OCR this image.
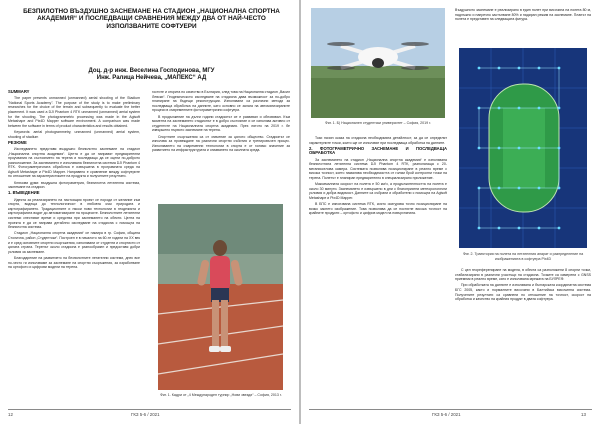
БЕЗПИЛОТНО ВЪЗДУШНО ЗАСНЕМАНЕ НА СТАДИОН „НАЦИОНАЛНА СПОРТНА АКАДЕМИЯ“ И ПОСЛЕДВАЩИ СРАВНЕНИЯ МЕЖДУ ДВА ОТ НАЙ-ЧЕСТО ИЗПОЛЗВАНИТЕ СОФТУЕРИ
Доц. д-р инж. Веселина Господинова, МГУ
Инж. Ралица Нейчева, „МАПЕКС“ АД

SUMMARY

The paper presents unmanned (unmanned) aerial shooting of the Stadium "National Sports Academy". The purpose of the study is to make preliminary researches for the choice of the terrain and subsequently to evaluate the better placement. It was used a DJI Phantom 4 RTK unmanned (unmanned) aerial system for the shooting. The photogrammetric processing was made in the Agisoft Metashape and Pix4D Mapper software environment. A comparison was made between the software in terms of product characteristics and results obtained.

Keywords: aerial photogrammetry, unmanned (unmanned) aerial system, shooting of stadium

РЕЗЮМЕ

Изследването представя въздушно безпилотно заснемане на стадион „Национална спортна академия“. Целта е да се направят предварителни проучвания на състоянието на терена и последващо да се оцени по-доброто разположение. За заснемането е използвана безпилотна система DJI Phantom 4 RTK. Фотограметричната обработка е извършена в програмната среда на Agisoft Metashape и Pix4D Mapper. Направено е сравнение между софтуерите по отношение на характеристиките на продукта и получените резултати.

Ключови думи: въздушна фотограметрия, безпилотна летателна система, заснемане на стадион.

1. ВЪВЕДЕНИЕ

Идеята за реализирането на настоящия проект се породи от желание към спорта, водеща до технологичност в любовта към природата и картографирането. Традиционните и някои нови технологии в геодезията и картографията водят до автоматизиране на процесите. Безпилотните летателни системи спестяват време и средства при заснемането на обекти. Целта на проекта е да се направи детайлно изследване на стадиона с помощта на безпилотна система.

Стадион „Национална спортна академия“ се намира в гр. София, община Столична, район „Студентски“. Построен е в началото на 60-те години на XX век и е сред основните спортни съоръжения, използвани от студенти и спортисти от цялата страна. Теренът около стадиона е разнообразен и предоставя добри условия за заснемане.

Благодарение на развитието на безпилотните летателни системи, днес все по-често ги използваме за заснемане на спортни съоръжения, за изработване на ортофото и цифрови модели на терена.

гостите и открита по качество в България, след това на Национална стадион „Васил Левски“. Геодезическото изследване на стадиона дава възможност за по-добро планиране на бъдещи реконструкции. Използвани са различни методи за последваща обработка на данните, като основно се залага на автоматизираните процеси в съвременните фотограметрични софтуери.

В продължение на дълги години стадионът се е развивал и обновявал. Към момента на заснемането стадионът е в добро състояние и се използва активно от студентите на Националната спортна академия. През лятото на 2019 г. бе извършено първото заснемане на терена.

Спортните съоръжения са от значение за цялото общество. Стадионът се използва за провеждане на различни спортни събития и тренировъчен процес. Използването на съвременни технологии в спорта е от голямо значение за развитието на инфраструктурата и опазването на околната среда.

Фиг. 1. Кадри от „4 Международен турнир „Нови звезди“ – София, 2013 г.
12	ГКЗ 5-6 / 2021
Фиг. 1. Б) Национален студентски университет – София, 2019 г.

Този начин оказа на стадиона необходимата детайлност, за да се определят характерните точки, които ще се използват при последваща обработка на данните.

2. ФОТОГРАМЕТРИЧНО ЗАСНЕМАНЕ И ПОСЛЕДВАЩА ОБРАБОТКА

За заснемането на стадион „Национална спортна академия“ е използвана безпилотната летателна система DJI Phantom 4 RTK, разполагаща с 20-мегапикселова камера. Системата позволява позициониране в реално време с висока точност, което намалява необходимостта от голям брой контролни точки на терена. Полетът е планиран предварително в специализирано приложение.

Максималната скорост на полета е 50 км/ч, а продължителността на полета е около 30 минути. Заснемането е извършено в дни с благоприятни метеорологични условия и добра видимост. Данните са събрани и обработени с помощта на Agisoft Metashape и Pix4D Mapper.

В БПС е използвана система RTK, която осигурява точно позициониране на всяко заснето изображение. Това позволява да се постигне висока точност на крайните продукти – ортофото и цифров модел на повърхнината.

Въздушното заснемане е реализирано в един полет при височина на полета 80 м, надлъжно и напречно застъпване 80% и надиран режим на заснемане. Планът на полета е представен на следващата фигура.

Фиг. 2. Траектория на полета на летателния апарат и разпределение на изображенията в софтуера Pix4D

С цел геореферениране на модела, в обекта са разположени 8 опорни точки, стабилизирани в различни участъци на стадиона. Точките са измерени с GNSS приемник в реално време, като е използвана мрежата на БУЛРЕФ.

При обработката на данните е използвана и българската координатна система БГС 2005, както и нормалните височини в Балтийска височинна система. Получените резултати са сравнени по отношение на точност, скорост на обработка и качество на крайния продукт в двата софтуера.

ГКЗ 5-6 / 2021	13
